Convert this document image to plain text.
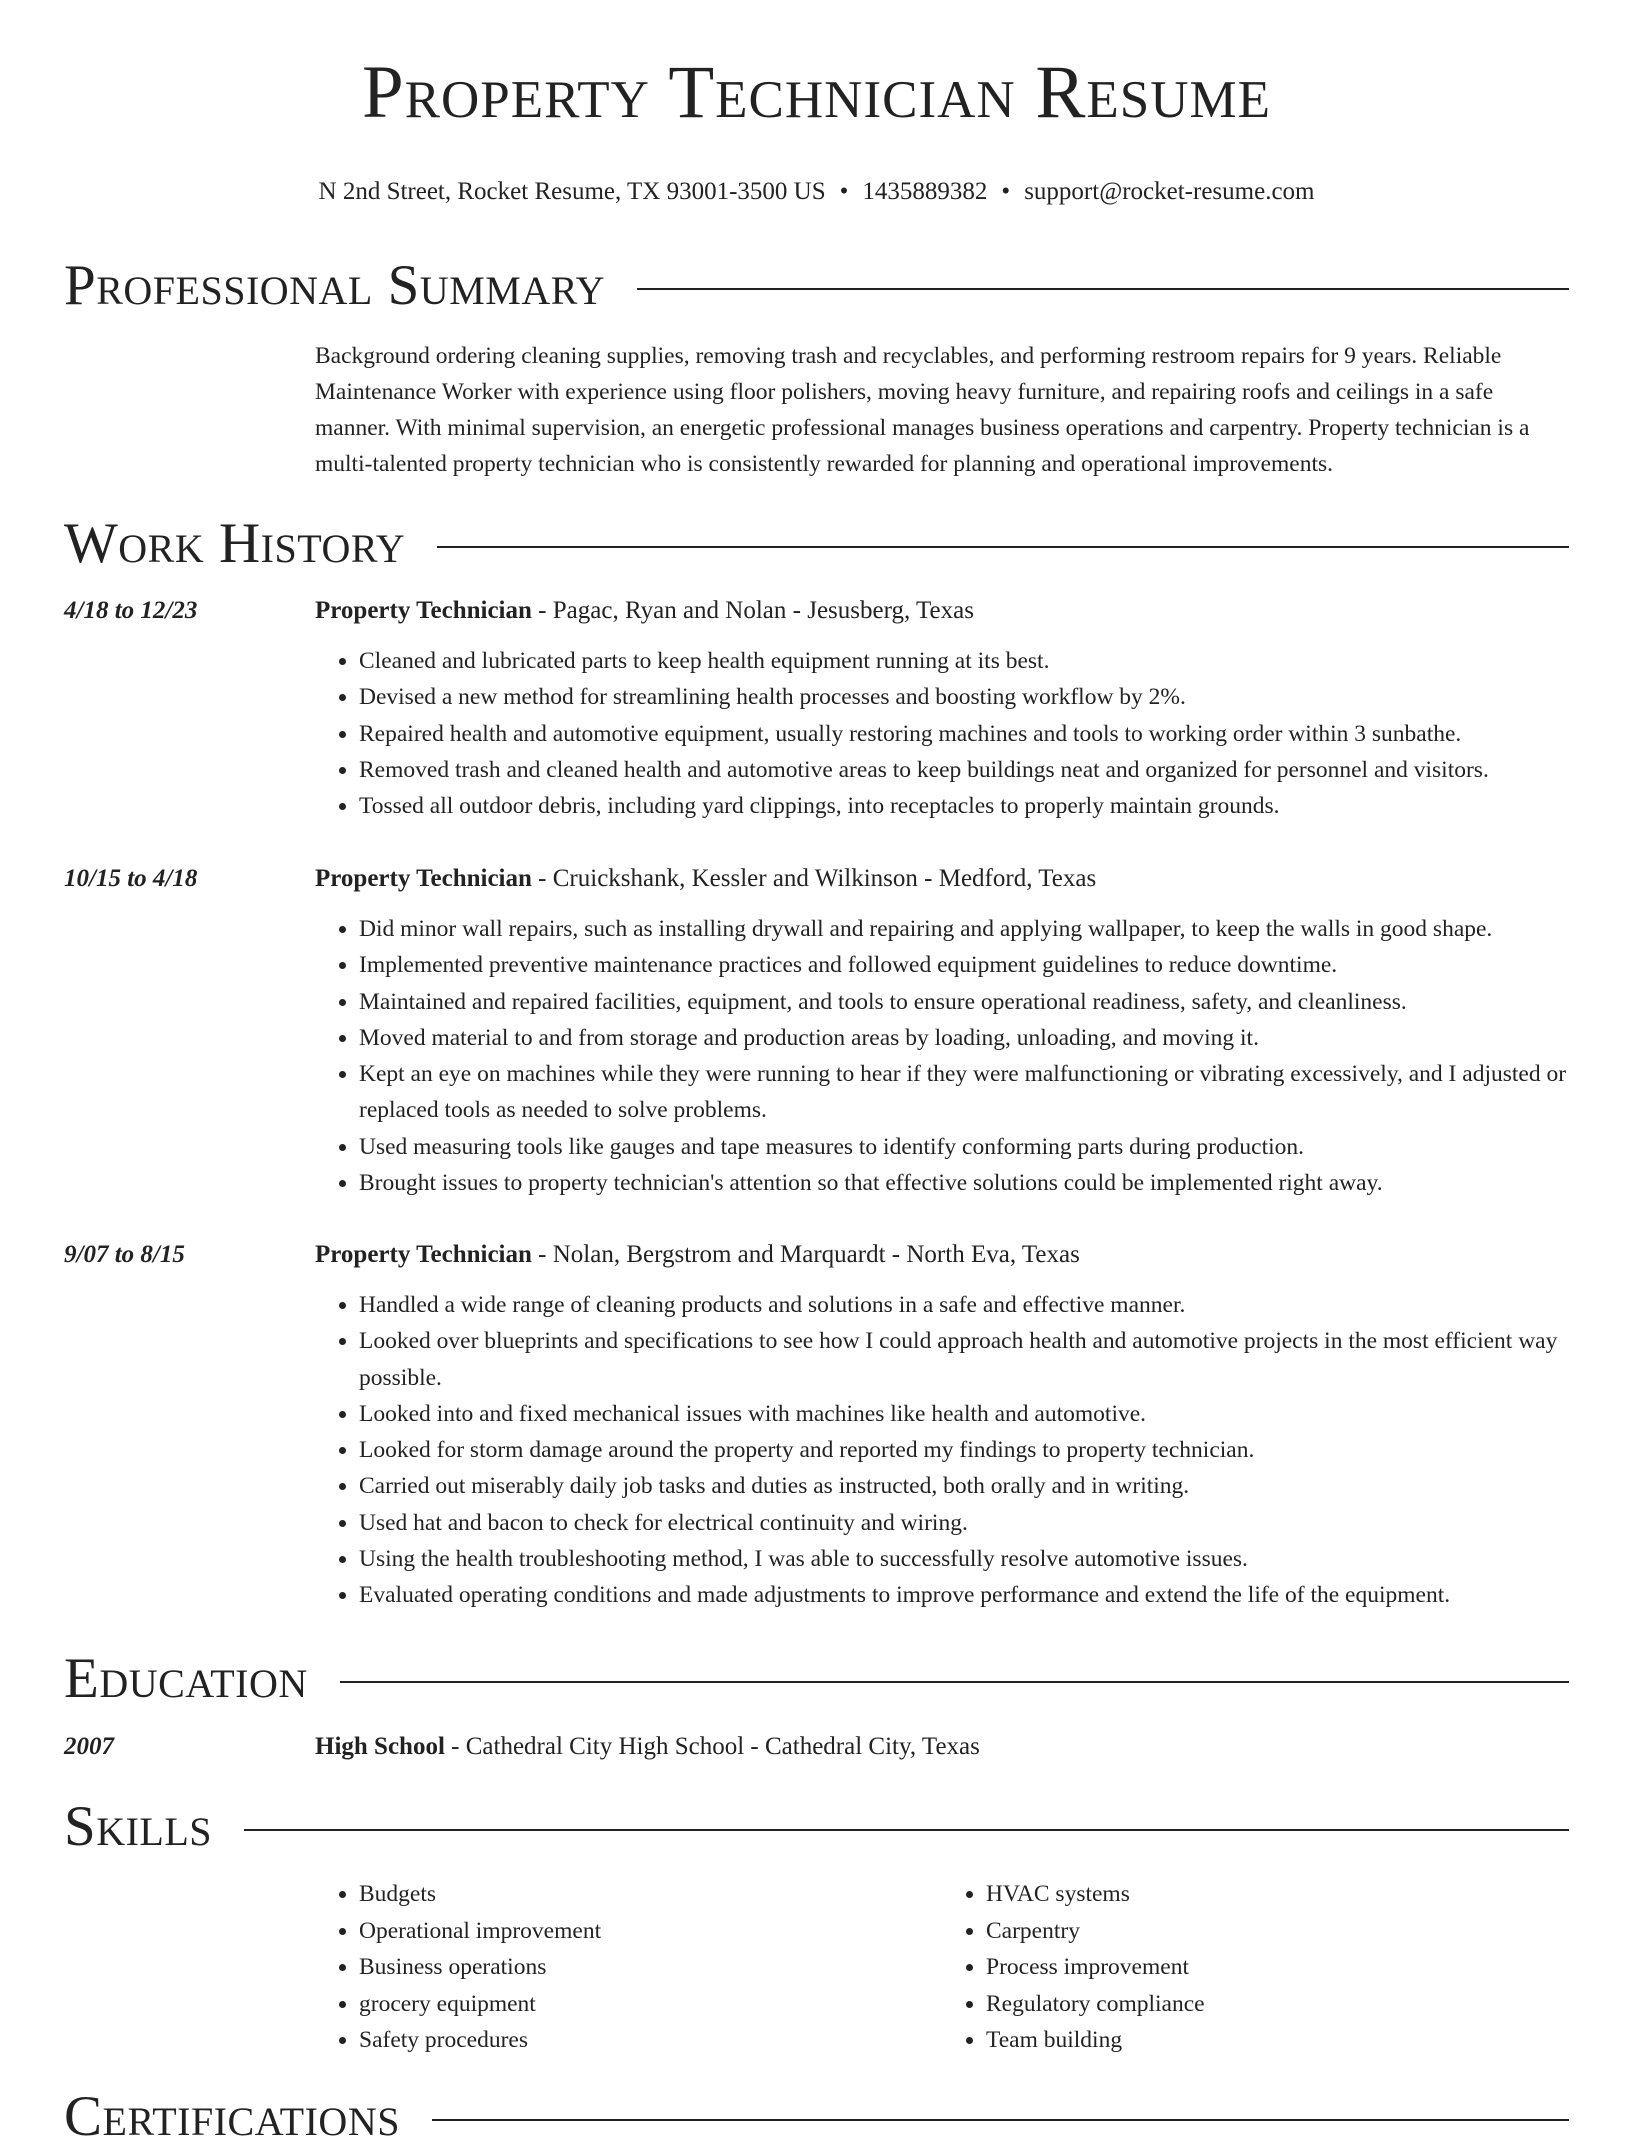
Property Technician Resume
N 2nd Street, Rocket Resume, TX 93001-3500 US • 1435889382 • support@rocket-resume.com
Professional Summary

Background ordering cleaning supplies, removing trash and recyclables, and performing restroom repairs for 9 years. Reliable Maintenance Worker with experience using floor polishers, moving heavy furniture, and repairing roofs and ceilings in a safe manner. With minimal supervision, an energetic professional manages business operations and carpentry. Property technician is a multi-talented property technician who is consistently rewarded for planning and operational improvements.

Work History
4/18 to 12/23	Property Technician - Pagac, Ryan and Nolan - Jesusberg, Texas
• Cleaned and lubricated parts to keep health equipment running at its best.
• Devised a new method for streamlining health processes and boosting workflow by 2%.
• Repaired health and automotive equipment, usually restoring machines and tools to working order within 3 sunbathe.
• Removed trash and cleaned health and automotive areas to keep buildings neat and organized for personnel and visitors.
• Tossed all outdoor debris, including yard clippings, into receptacles to properly maintain grounds.
10/15 to 4/18	Property Technician - Cruickshank, Kessler and Wilkinson - Medford, Texas
• Did minor wall repairs, such as installing drywall and repairing and applying wallpaper, to keep the walls in good shape.
• Implemented preventive maintenance practices and followed equipment guidelines to reduce downtime.
• Maintained and repaired facilities, equipment, and tools to ensure operational readiness, safety, and cleanliness.
• Moved material to and from storage and production areas by loading, unloading, and moving it.
• Kept an eye on machines while they were running to hear if they were malfunctioning or vibrating excessively, and I adjusted or replaced tools as needed to solve problems.
• Used measuring tools like gauges and tape measures to identify conforming parts during production.
• Brought issues to property technician's attention so that effective solutions could be implemented right away.
9/07 to 8/15	Property Technician - Nolan, Bergstrom and Marquardt - North Eva, Texas
• Handled a wide range of cleaning products and solutions in a safe and effective manner.
• Looked over blueprints and specifications to see how I could approach health and automotive projects in the most efficient way possible.
• Looked into and fixed mechanical issues with machines like health and automotive.
• Looked for storm damage around the property and reported my findings to property technician.
• Carried out miserably daily job tasks and duties as instructed, both orally and in writing.
• Used hat and bacon to check for electrical continuity and wiring.
• Using the health troubleshooting method, I was able to successfully resolve automotive issues.
• Evaluated operating conditions and made adjustments to improve performance and extend the life of the equipment.
Education
2007	High School - Cathedral City High School - Cathedral City, Texas
Skills
• Budgets
• Operational improvement
• Business operations
• grocery equipment
• Safety procedures
• HVAC systems
• Carpentry
• Process improvement
• Regulatory compliance
• Team building
Certifications
